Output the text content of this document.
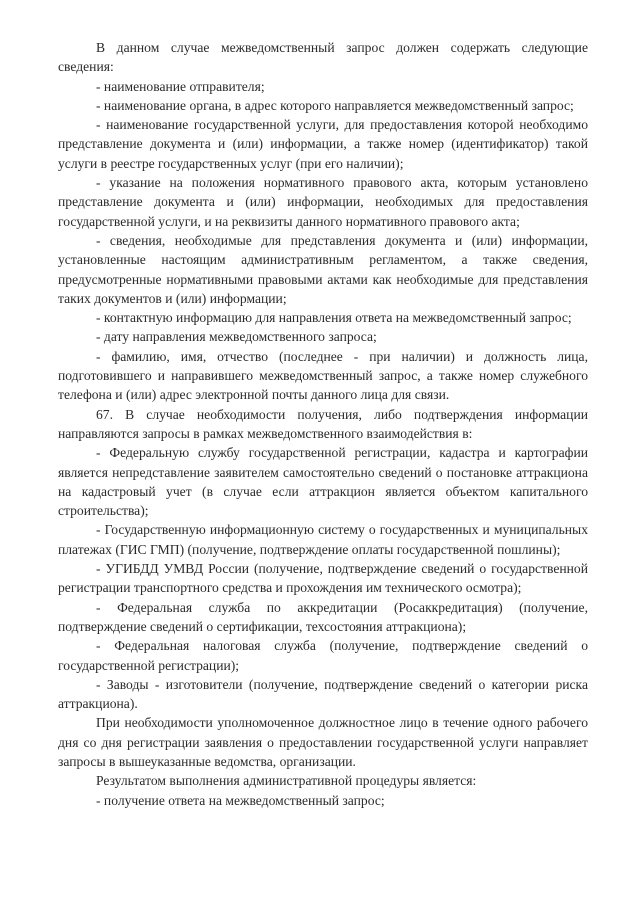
В данном случае межведомственный запрос должен содержать следующие сведения:

- наименование отправителя;

- наименование органа, в адрес которого направляется межведомственный запрос;

- наименование государственной услуги, для предоставления которой необходимо представление документа и (или) информации, а также номер (идентификатор) такой услуги в реестре государственных услуг (при его наличии);

- указание на положения нормативного правового акта, которым установлено представление документа и (или) информации, необходимых для предоставления государственной услуги, и на реквизиты данного нормативного правового акта;

- сведения, необходимые для представления документа и (или) информации, установленные настоящим административным регламентом, а также сведения, предусмотренные нормативными правовыми актами как необходимые для представления таких документов и (или) информации;

- контактную информацию для направления ответа на межведомственный запрос;

- дату направления межведомственного запроса;

- фамилию, имя, отчество (последнее - при наличии) и должность лица, подготовившего и направившего межведомственный запрос, а также номер служебного телефона и (или) адрес электронной почты данного лица для связи.

67. В случае необходимости получения, либо подтверждения информации направляются запросы в рамках межведомственного взаимодействия в:

- Федеральную службу государственной регистрации, кадастра и картографии является непредставление заявителем самостоятельно сведений о постановке аттракциона на кадастровый учет (в случае если аттракцион является объектом капитального строительства);

- Государственную информационную систему о государственных и муниципальных платежах (ГИС ГМП) (получение, подтверждение оплаты государственной пошлины);

- УГИБДД УМВД России (получение, подтверждение сведений о государственной регистрации транспортного средства и прохождения им технического осмотра);

- Федеральная служба по аккредитации (Росаккредитация) (получение, подтверждение сведений о сертификации, техсостояния аттракциона);

- Федеральная налоговая служба (получение, подтверждение сведений о государственной регистрации);

- Заводы - изготовители (получение, подтверждение сведений о категории риска аттракциона).

При необходимости уполномоченное должностное лицо в течение одного рабочего дня со дня регистрации заявления о предоставлении государственной услуги направляет запросы в вышеуказанные ведомства, организации.

Результатом выполнения административной процедуры является:

- получение ответа на межведомственный запрос;
